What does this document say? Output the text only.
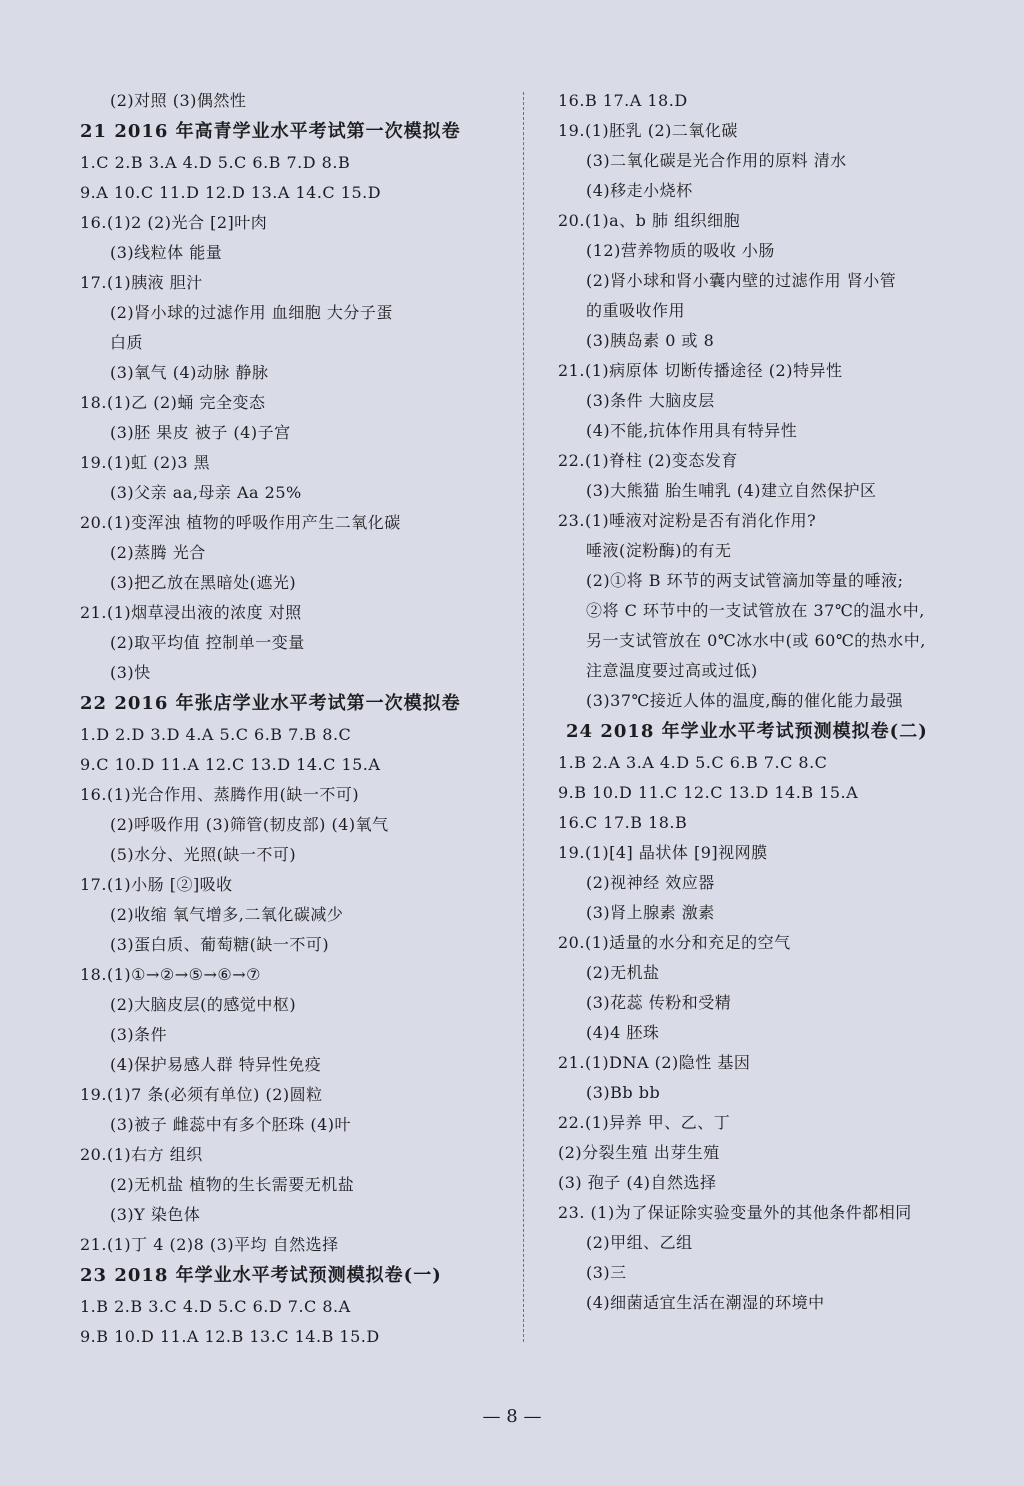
(2)对照 (3)偶然性
21 2016 年高青学业水平考试第一次模拟卷
1.C 2.B 3.A 4.D 5.C 6.B 7.D 8.B
9.A 10.C 11.D 12.D 13.A 14.C 15.D
16.(1)2 (2)光合 [2]叶肉
(3)线粒体 能量
17.(1)胰液 胆汁
(2)肾小球的过滤作用 血细胞 大分子蛋
白质
(3)氧气 (4)动脉 静脉
18.(1)乙 (2)蛹 完全变态
(3)胚 果皮 被子 (4)子宫
19.(1)虹 (2)3 黑
(3)父亲 aa,母亲 Aa 25%
20.(1)变浑浊 植物的呼吸作用产生二氧化碳
(2)蒸腾 光合
(3)把乙放在黑暗处(遮光)
21.(1)烟草浸出液的浓度 对照
(2)取平均值 控制单一变量
(3)快
22 2016 年张店学业水平考试第一次模拟卷
1.D 2.D 3.D 4.A 5.C 6.B 7.B 8.C
9.C 10.D 11.A 12.C 13.D 14.C 15.A
16.(1)光合作用、蒸腾作用(缺一不可)
(2)呼吸作用 (3)筛管(韧皮部) (4)氧气
(5)水分、光照(缺一不可)
17.(1)小肠 [②]吸收
(2)收缩 氧气增多,二氧化碳减少
(3)蛋白质、葡萄糖(缺一不可)
18.(1)①→②→⑤→⑥→⑦
(2)大脑皮层(的感觉中枢)
(3)条件
(4)保护易感人群 特异性免疫
19.(1)7 条(必须有单位) (2)圆粒
(3)被子 雌蕊中有多个胚珠 (4)叶
20.(1)右方 组织
(2)无机盐 植物的生长需要无机盐
(3)Y 染色体
21.(1)丁 4 (2)8 (3)平均 自然选择
23 2018 年学业水平考试预测模拟卷(一)
1.B 2.B 3.C 4.D 5.C 6.D 7.C 8.A
9.B 10.D 11.A 12.B 13.C 14.B 15.D
16.B 17.A 18.D
19.(1)胚乳 (2)二氧化碳
(3)二氧化碳是光合作用的原料 清水
(4)移走小烧杯
20.(1)a、b 肺 组织细胞
(12)营养物质的吸收 小肠
(2)肾小球和肾小囊内壁的过滤作用 肾小管
的重吸收作用
(3)胰岛素 0 或 8
21.(1)病原体 切断传播途径 (2)特异性
(3)条件 大脑皮层
(4)不能,抗体作用具有特异性
22.(1)脊柱 (2)变态发育
(3)大熊猫 胎生哺乳 (4)建立自然保护区
23.(1)唾液对淀粉是否有消化作用?
唾液(淀粉酶)的有无
(2)①将 B 环节的两支试管滴加等量的唾液;
②将 C 环节中的一支试管放在 37℃的温水中,
另一支试管放在 0℃冰水中(或 60℃的热水中,
注意温度要过高或过低)
(3)37℃接近人体的温度,酶的催化能力最强
24 2018 年学业水平考试预测模拟卷(二)
1.B 2.A 3.A 4.D 5.C 6.B 7.C 8.C
9.B 10.D 11.C 12.C 13.D 14.B 15.A
16.C 17.B 18.B
19.(1)[4] 晶状体 [9]视网膜
(2)视神经 效应器
(3)肾上腺素 激素
20.(1)适量的水分和充足的空气
(2)无机盐
(3)花蕊 传粉和受精
(4)4 胚珠
21.(1)DNA (2)隐性 基因
(3)Bb bb
22.(1)异养 甲、乙、丁
(2)分裂生殖 出芽生殖
(3) 孢子 (4)自然选择
23. (1)为了保证除实验变量外的其他条件都相同
(2)甲组、乙组
(3)三
(4)细菌适宜生活在潮湿的环境中
— 8 —
